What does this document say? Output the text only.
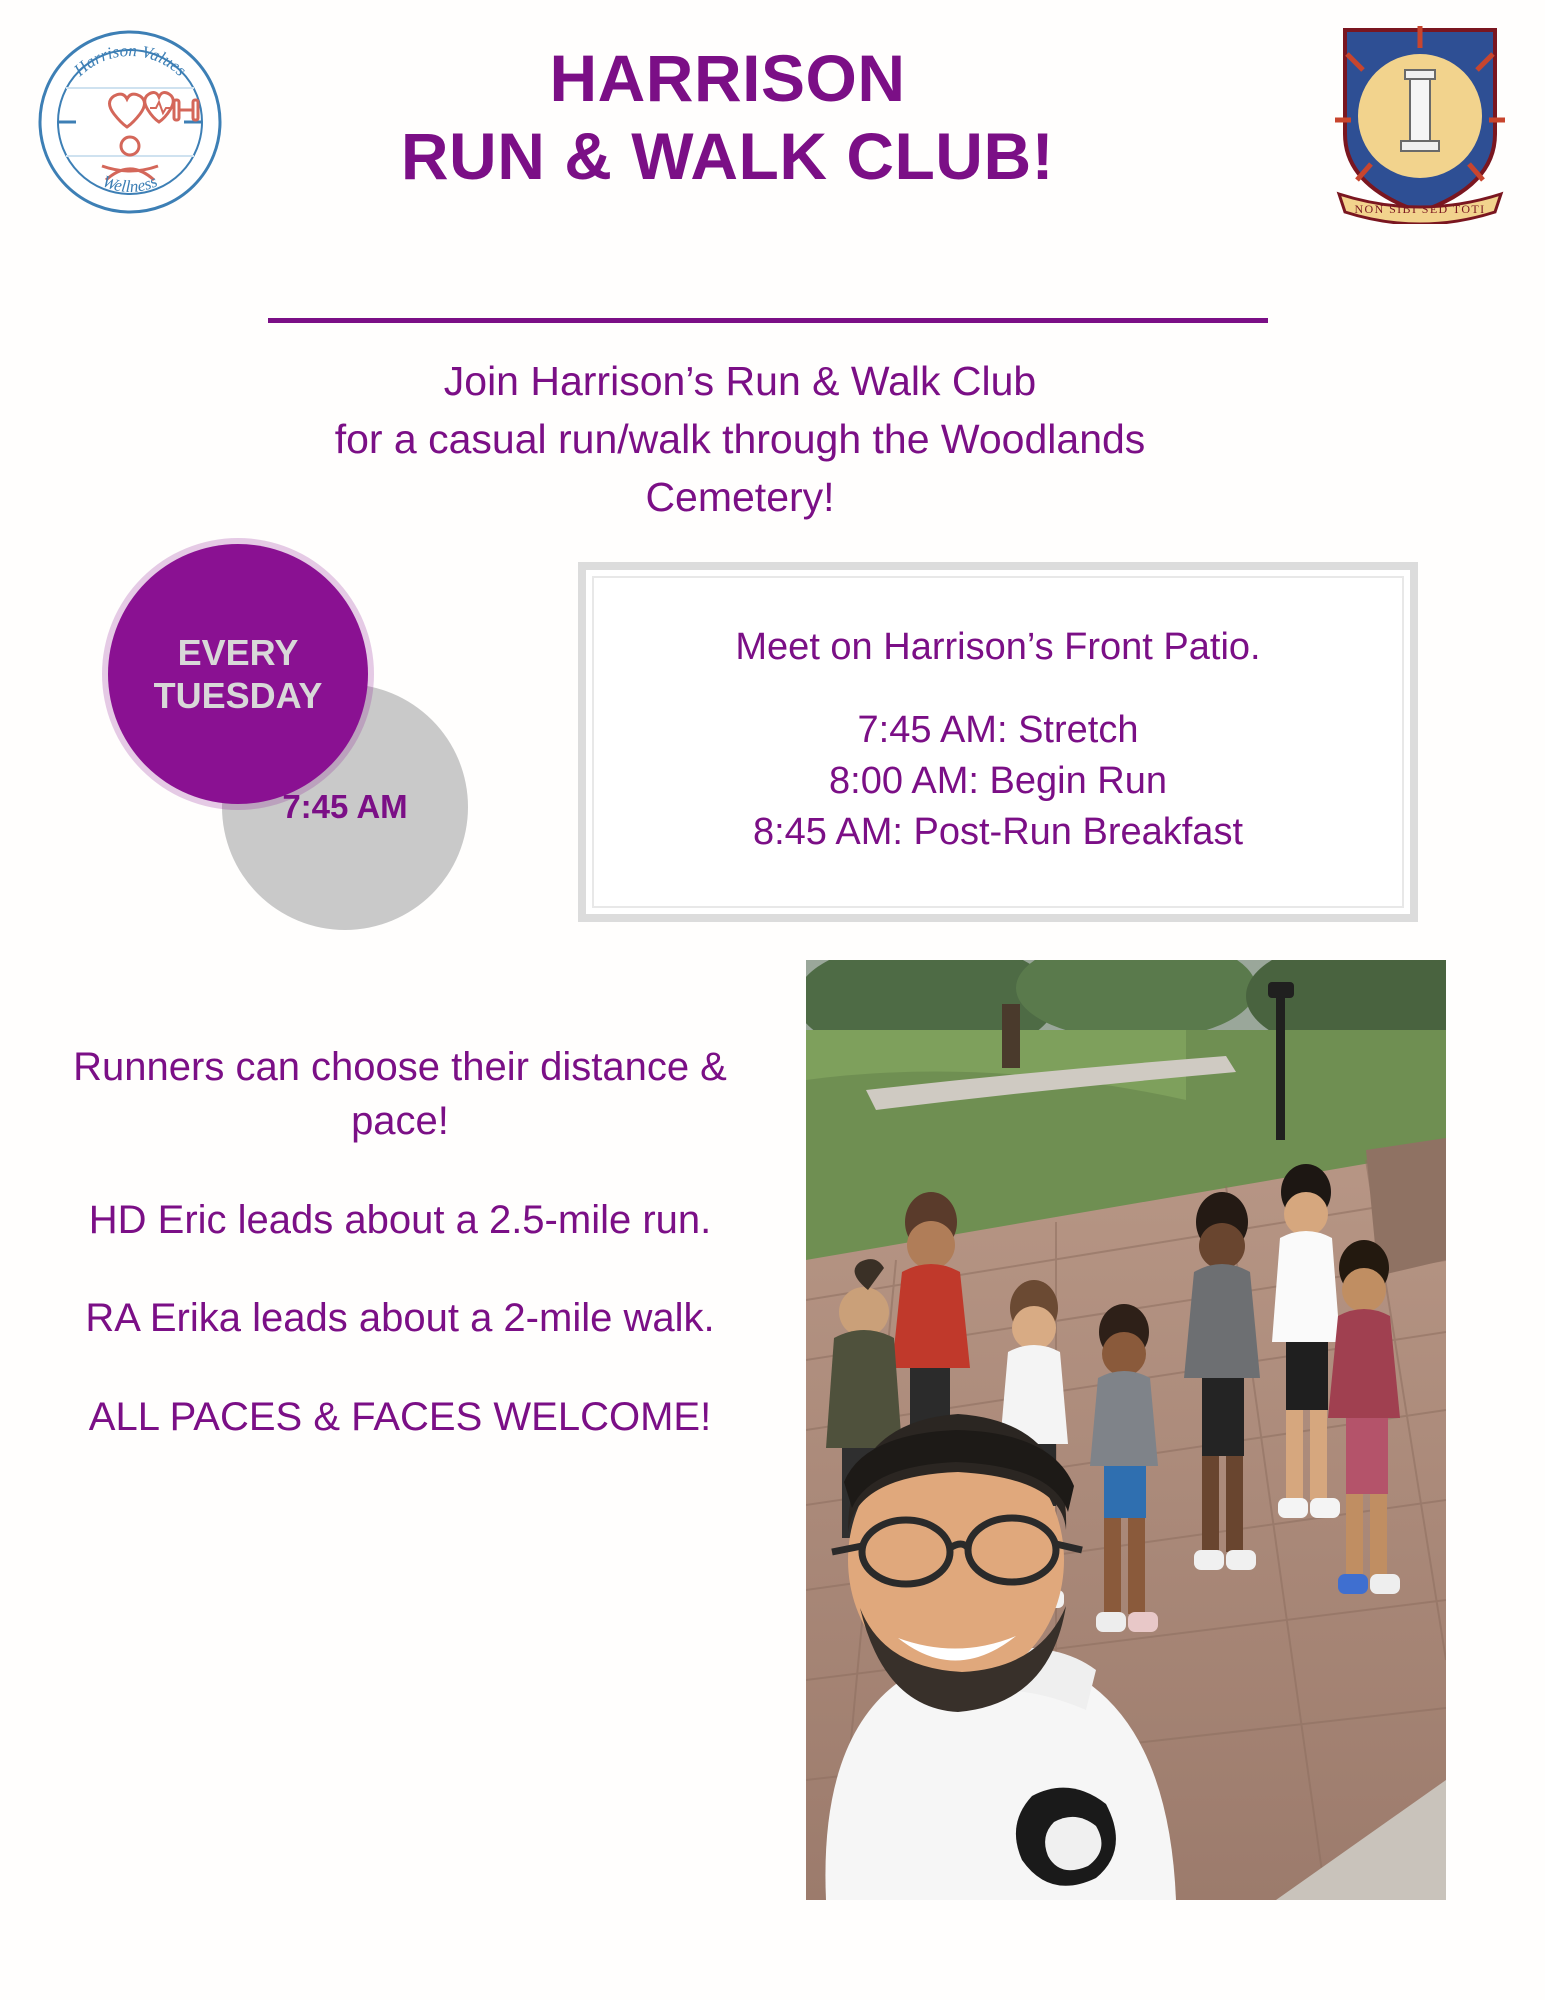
Harrison Values
Wellness
NON SIBI SED TOTI
HARRISON
RUN & WALK CLUB!
Join Harrison’s Run & Walk Club
for a casual run/walk through the Woodlands
Cemetery!
EVERY
TUESDAY
7:45 AM
Meet on Harrison’s Front Patio.
7:45 AM: Stretch
8:00 AM: Begin Run
8:45 AM: Post-Run Breakfast

Runners can choose their distance & pace!

HD Eric leads about a 2.5-mile run.

RA Erika leads about a 2-mile walk.

ALL PACES & FACES WELCOME!
